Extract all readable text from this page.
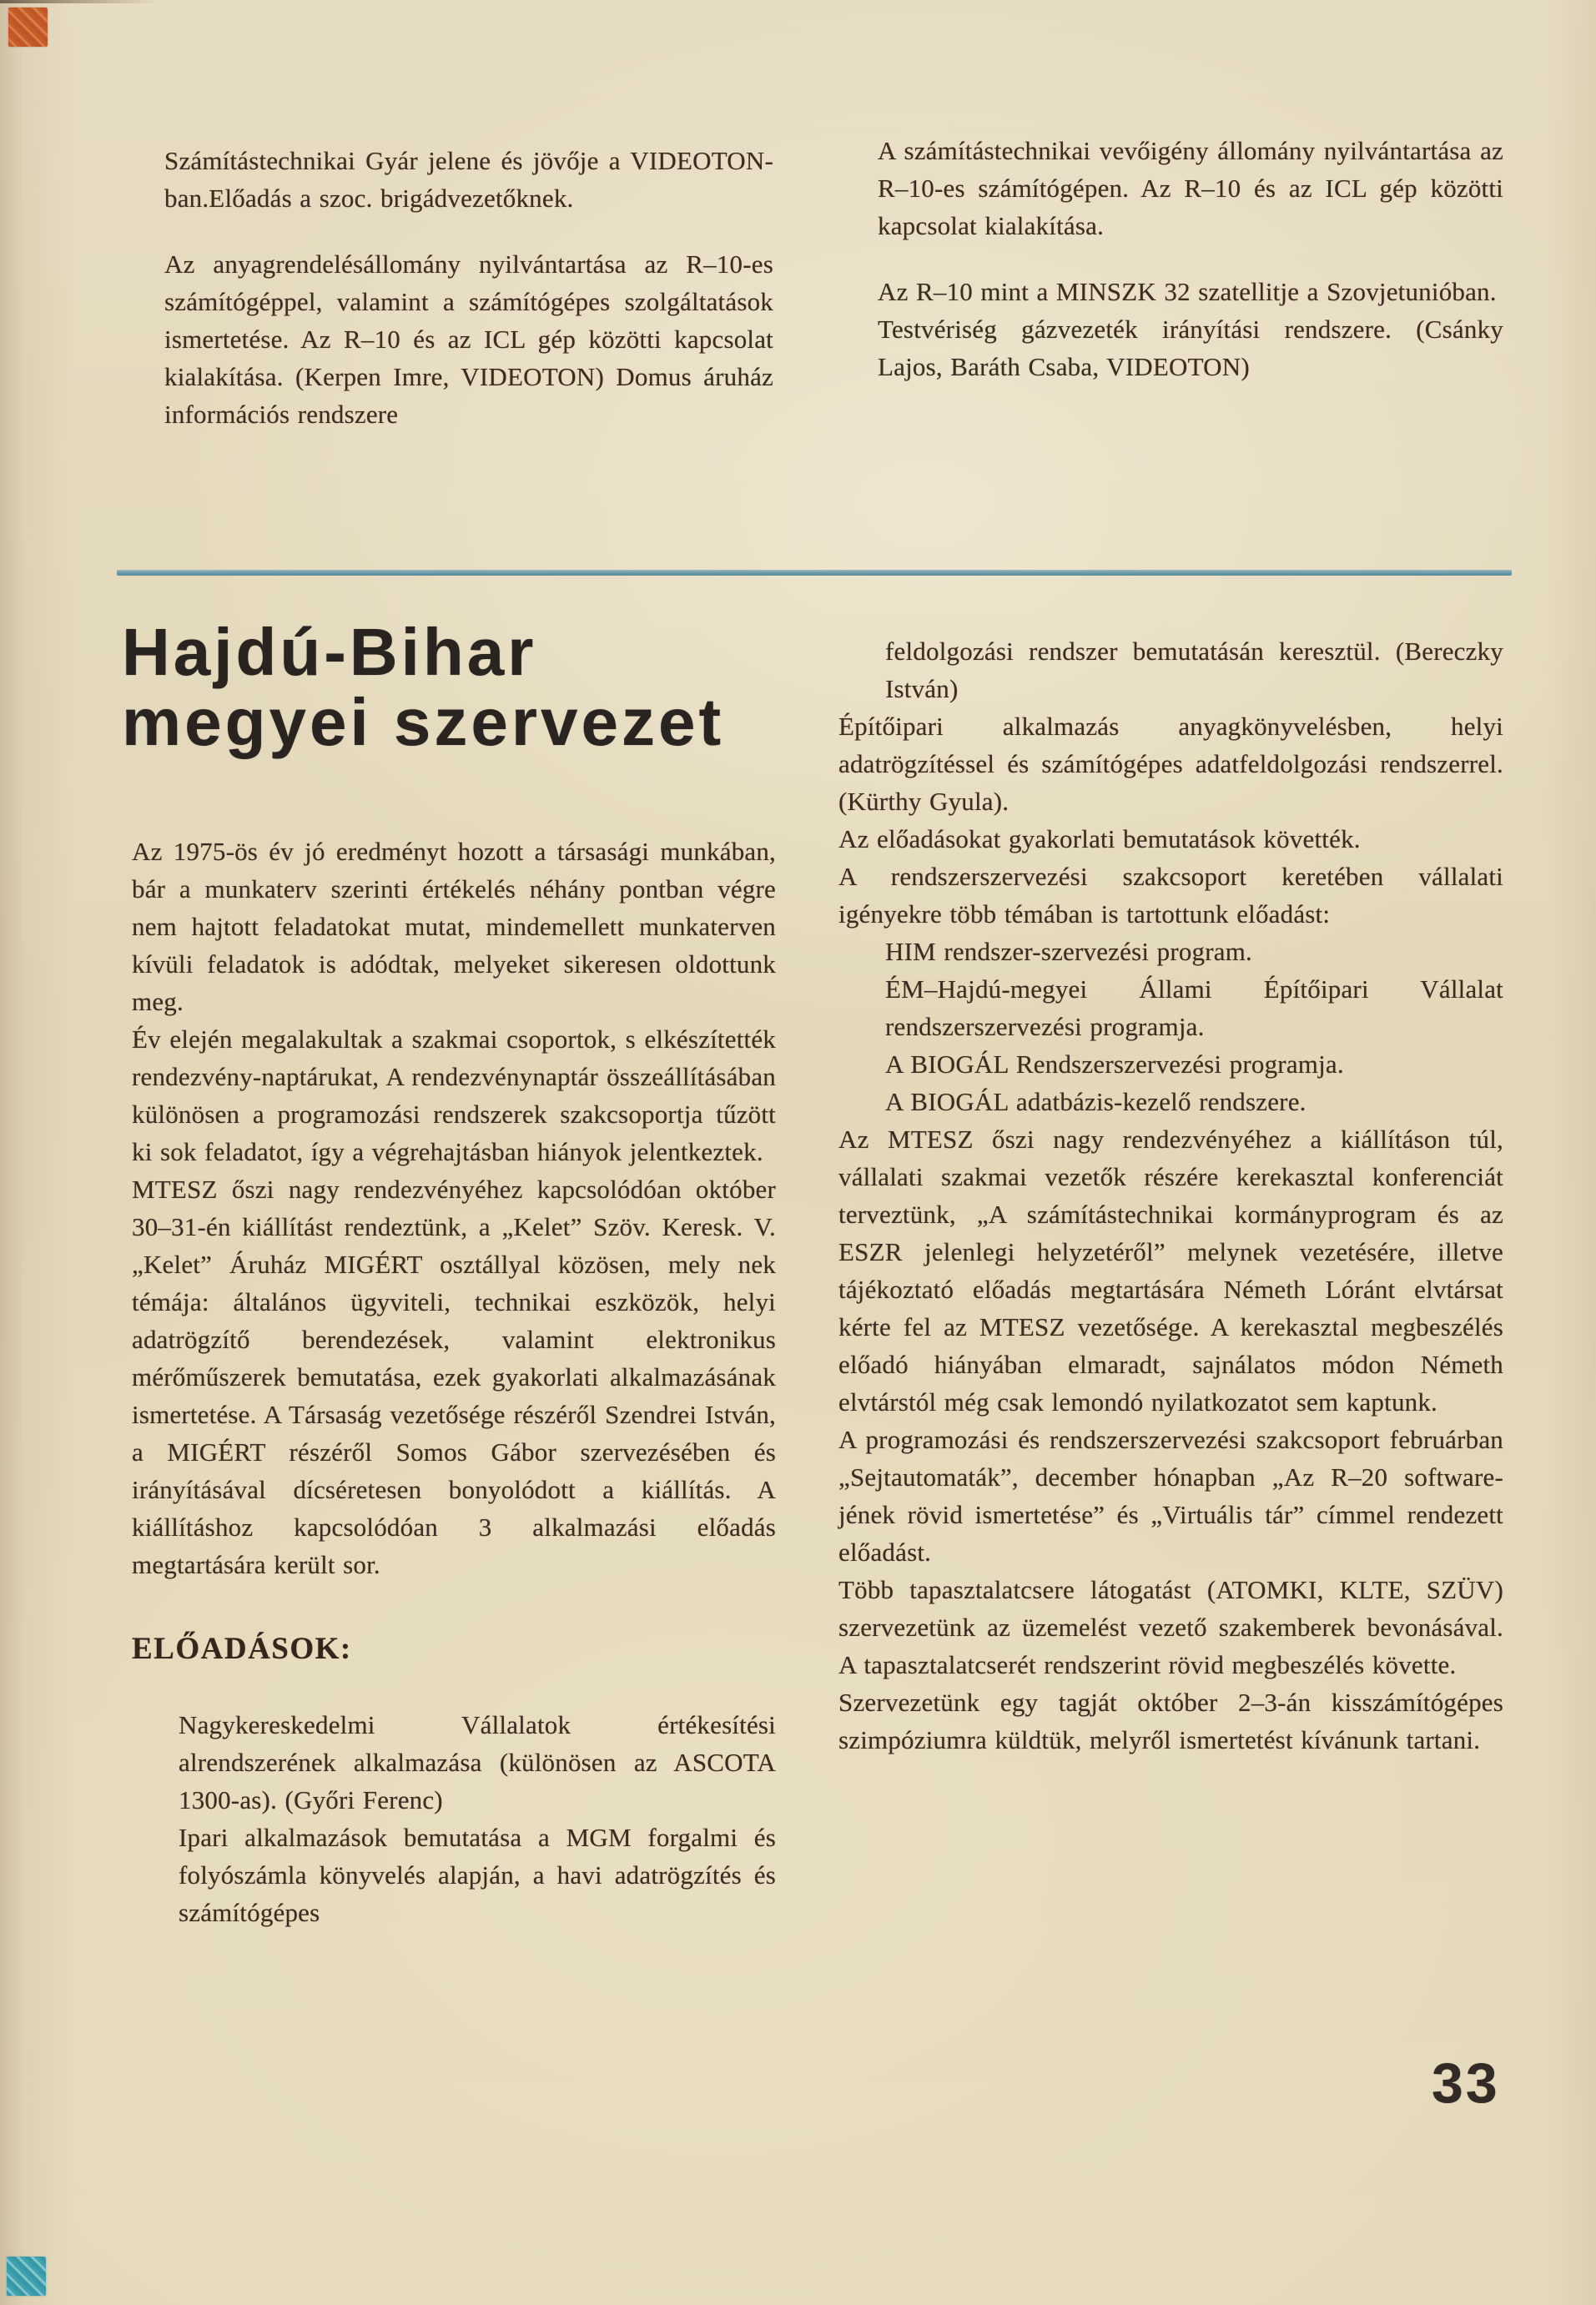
Számítástechnikai Gyár jelene és jövője a VIDEOTON-ban.Előadás a szoc. brigádvezetőknek.

Az anyagrendelésállomány nyilvántartása az R–10-es számítógéppel, valamint a számítógépes szolgáltatások ismertetése. Az R–10 és az ICL gép közötti kapcsolat kialakítása. (Kerpen Imre, VIDEOTON) Domus áruház információs rendszere

A számítástechnikai vevőigény állomány nyilvántartása az R–10-es számítógépen. Az R–10 és az ICL gép közötti kapcsolat kialakítása.

Az R–10 mint a MINSZK 32 szatellitje a Szovjetunióban.

Testvériség gázvezeték irányítási rendszere. (Csánky Lajos, Baráth Csaba, VIDEOTON)

Hajdú-Bihar
megyei szervezet

Az 1975-ös év jó eredményt hozott a társasági munkában, bár a munkaterv szerinti értékelés néhány pontban végre nem hajtott feladatokat mutat, mindemellett munkaterven kívüli feladatok is adódtak, melyeket sikeresen oldottunk meg.

Év elején megalakultak a szakmai csoportok, s elkészítették rendezvény-naptárukat, A rendezvénynaptár összeállításában különösen a programozási rendszerek szakcsoportja tűzött ki sok feladatot, így a végrehajtásban hiányok jelentkeztek.

MTESZ őszi nagy rendezvényéhez kapcsolódóan október 30–31-én kiállítást rendeztünk, a „Kelet” Szöv. Keresk. V. „Kelet” Áruház MIGÉRT osztállyal közösen, mely nek témája: általános ügyviteli, technikai eszközök, helyi adatrögzítő berendezések, valamint elektronikus mérőműszerek bemutatása, ezek gyakorlati alkalmazásának ismertetése. A Társaság vezetősége részéről Szendrei István, a MIGÉRT részéről Somos Gábor szervezésében és irányításával dícséretesen bonyolódott a kiállítás. A kiállításhoz kapcsolódóan 3 alkalmazási előadás megtartására került sor.

ELŐADÁSOK:

Nagykereskedelmi Vállalatok értékesítési alrendszerének alkalmazása (különösen az ASCOTA 1300-as). (Győri Ferenc)

Ipari alkalmazások bemutatása a MGM forgalmi és folyószámla könyvelés alapján, a havi adatrögzítés és számítógépes

feldolgozási rendszer bemutatásán keresztül. (Bereczky István)

Építőipari alkalmazás anyagkönyvelésben, helyi adatrögzítéssel és számítógépes adatfeldolgozási rendszerrel. (Kürthy Gyula).

Az előadásokat gyakorlati bemutatások követték.

A rendszerszervezési szakcsoport keretében vállalati igényekre több témában is tartottunk előadást:

HIM rendszer-szervezési program.

ÉM–Hajdú-megyei Állami Építőipari Vállalat rendszerszervezési programja.

A BIOGÁL Rendszerszervezési programja.

A BIOGÁL adatbázis-kezelő rendszere.

Az MTESZ őszi nagy rendezvényéhez a kiállításon túl, vállalati szakmai vezetők részére kerekasztal konferenciát terveztünk, „A számítástechnikai kormányprogram és az ESZR jelenlegi helyzetéről” melynek vezetésére, illetve tájékoztató előadás megtartására Németh Lóránt elvtársat kérte fel az MTESZ vezetősége. A kerekasztal megbeszélés előadó hiányában elmaradt, sajnálatos módon Németh elvtárstól még csak lemondó nyilatkozatot sem kaptunk.

A programozási és rendszerszervezési szakcsoport februárban „Sejtautomaták”, december hónapban „Az R–20 software-jének rövid ismertetése” és „Virtuális tár” címmel rendezett előadást.

Több tapasztalatcsere látogatást (ATOMKI, KLTE, SZÜV) szervezetünk az üzemelést vezető szakemberek bevonásával. A tapasztalatcserét rendszerint rövid megbeszélés követte.

Szervezetünk egy tagját október 2–3-án kisszámítógépes szimpóziumra küldtük, melyről ismertetést kívánunk tartani.

33
